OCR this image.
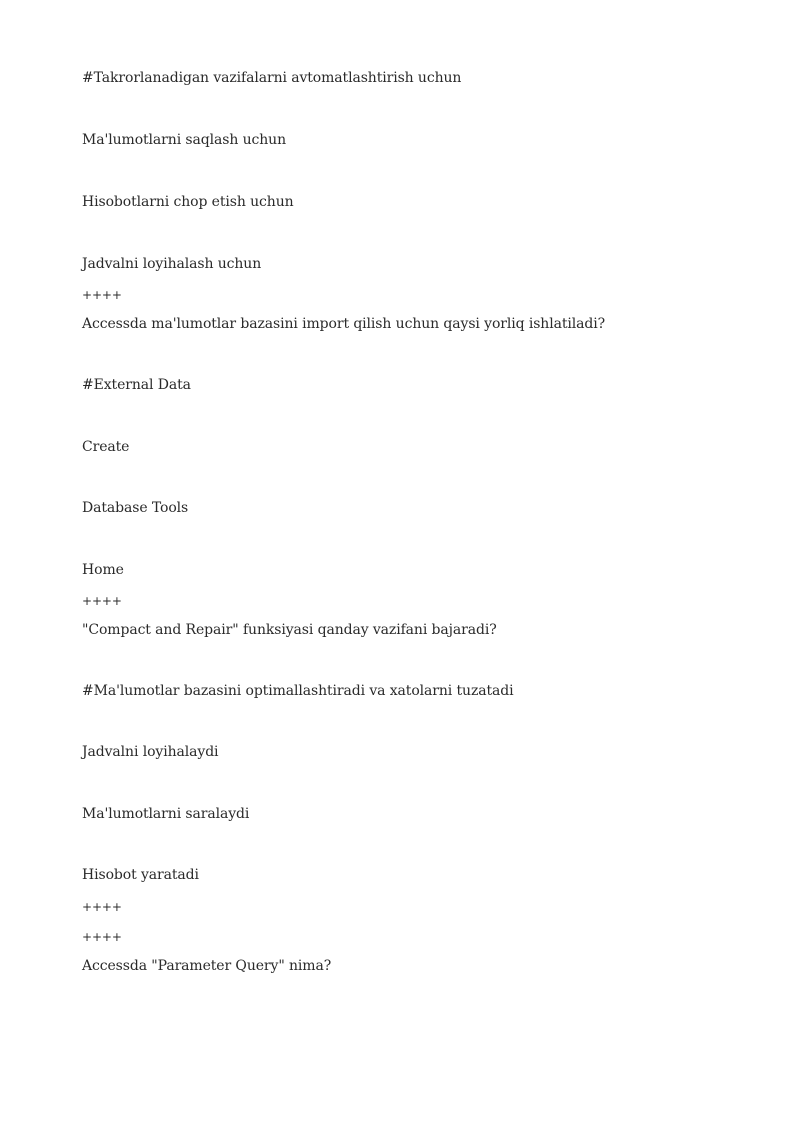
#Takrorlanadigan vazifalarni avtomatlashtirish uchun
Ma'lumotlarni saqlash uchun
Hisobotlarni chop etish uchun
Jadvalni loyihalash uchun
++++
Accessda ma'lumotlar bazasini import qilish uchun qaysi yorliq ishlatiladi?
#External Data
Create
Database Tools
Home
++++
"Compact and Repair" funksiyasi qanday vazifani bajaradi?
#Ma'lumotlar bazasini optimallashtiradi va xatolarni tuzatadi
Jadvalni loyihalaydi
Ma'lumotlarni saralaydi
Hisobot yaratadi
++++
++++
Accessda "Parameter Query" nima?
